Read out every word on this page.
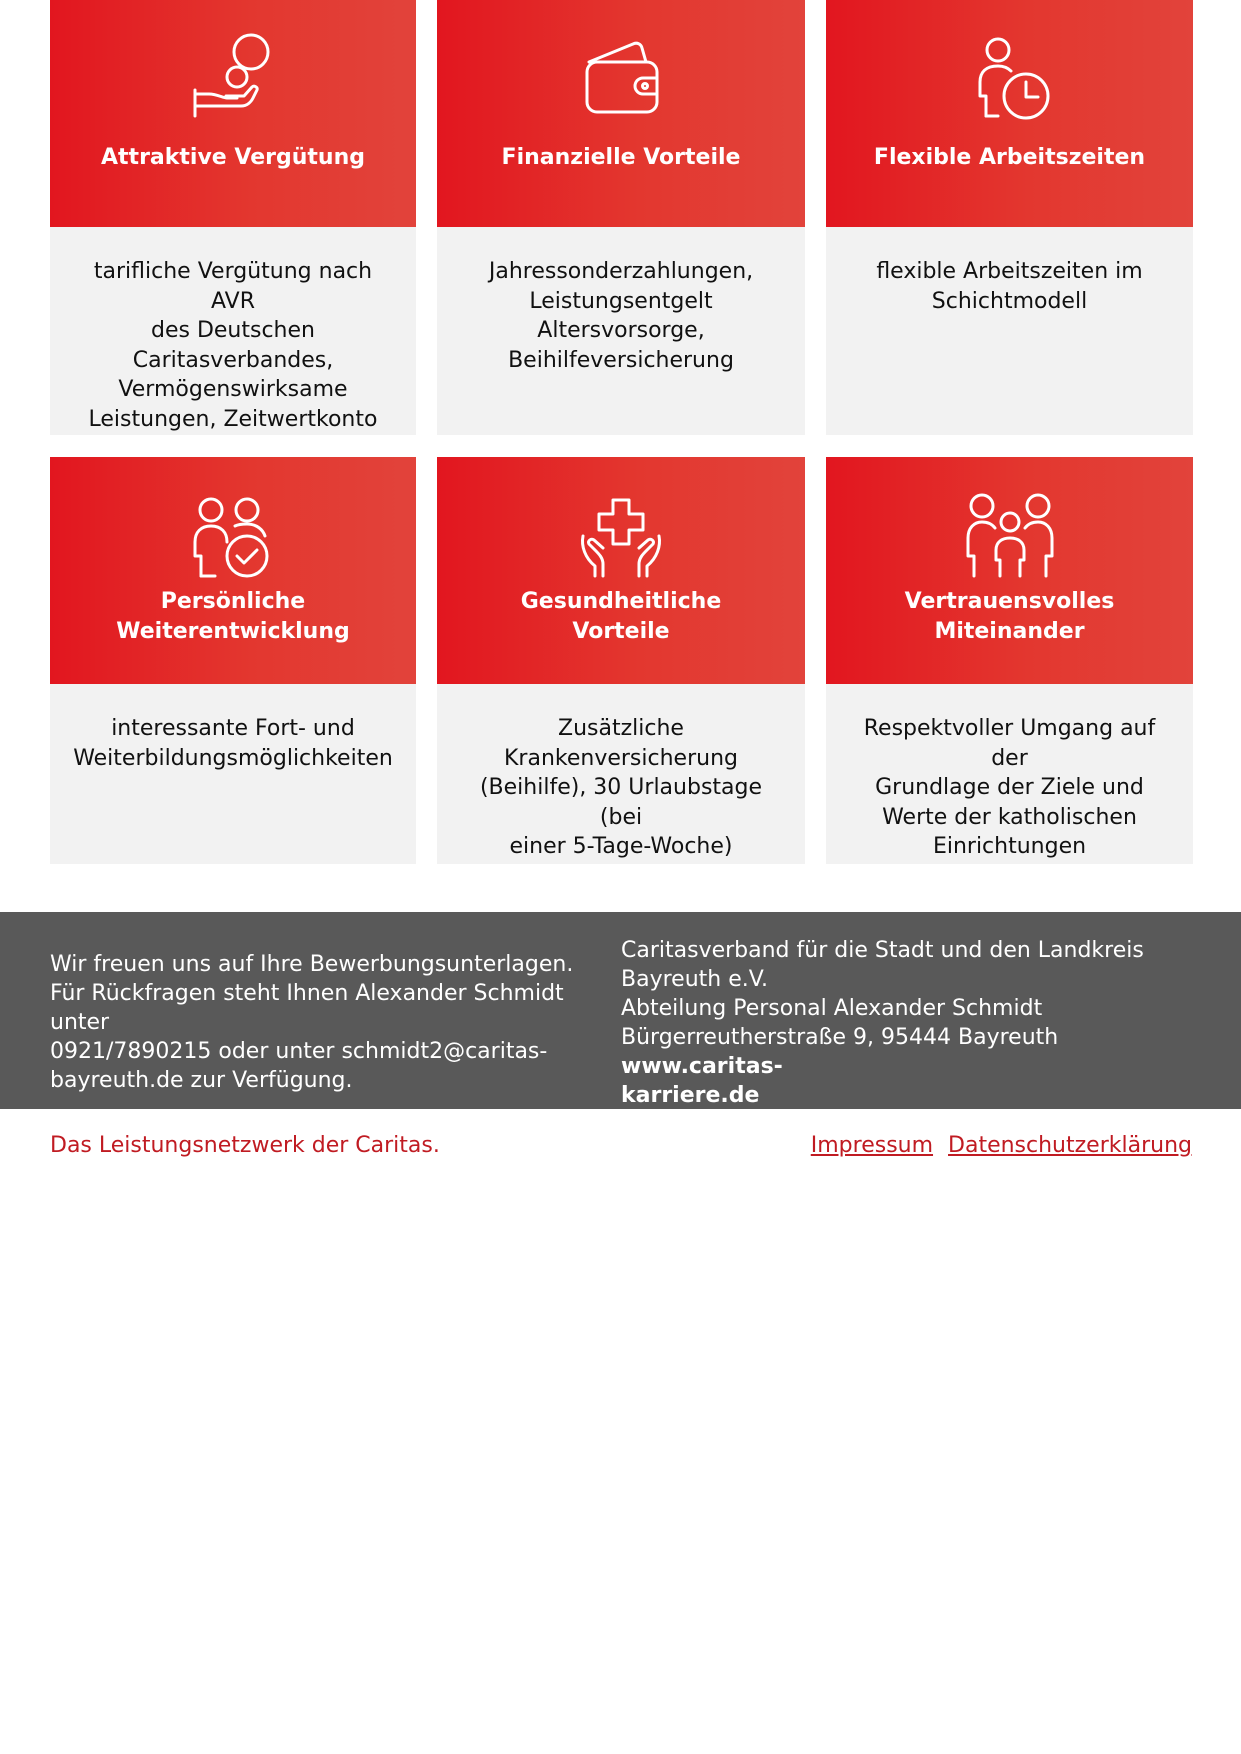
Attraktive Vergütung
tarifliche Vergütung nach AVR
des Deutschen
Caritasverbandes,
Vermögenswirksame
Leistungen, Zeitwertkonto
Finanzielle Vorteile
Jahressonderzahlungen,
Leistungsentgelt
Altersvorsorge,
Beihilfeversicherung
Flexible Arbeitszeiten
flexible Arbeitszeiten im
Schichtmodell
Persönliche
Weiterentwicklung
interessante Fort- und
Weiterbildungsmöglichkeiten
Gesundheitliche
Vorteile
Zusätzliche
Krankenversicherung
(Beihilfe), 30 Urlaubstage (bei
einer 5-Tage-Woche)
Vertrauensvolles
Miteinander
Respektvoller Umgang auf der
Grundlage der Ziele und
Werte der katholischen
Einrichtungen
Wir freuen uns auf Ihre Bewerbungsunterlagen.
Für Rückfragen steht Ihnen Alexander Schmidt unter
0921/7890215 oder unter schmidt2@caritas-
bayreuth.de zur Verfügung.
Caritasverband für die Stadt und den Landkreis
Bayreuth e.V.
Abteilung Personal Alexander Schmidt
Bürgerreutherstraße 9, 95444 Bayreuth www.caritas-
karriere.de
Das Leistungsnetzwerk der Caritas.	Impressum Datenschutzerklärung
